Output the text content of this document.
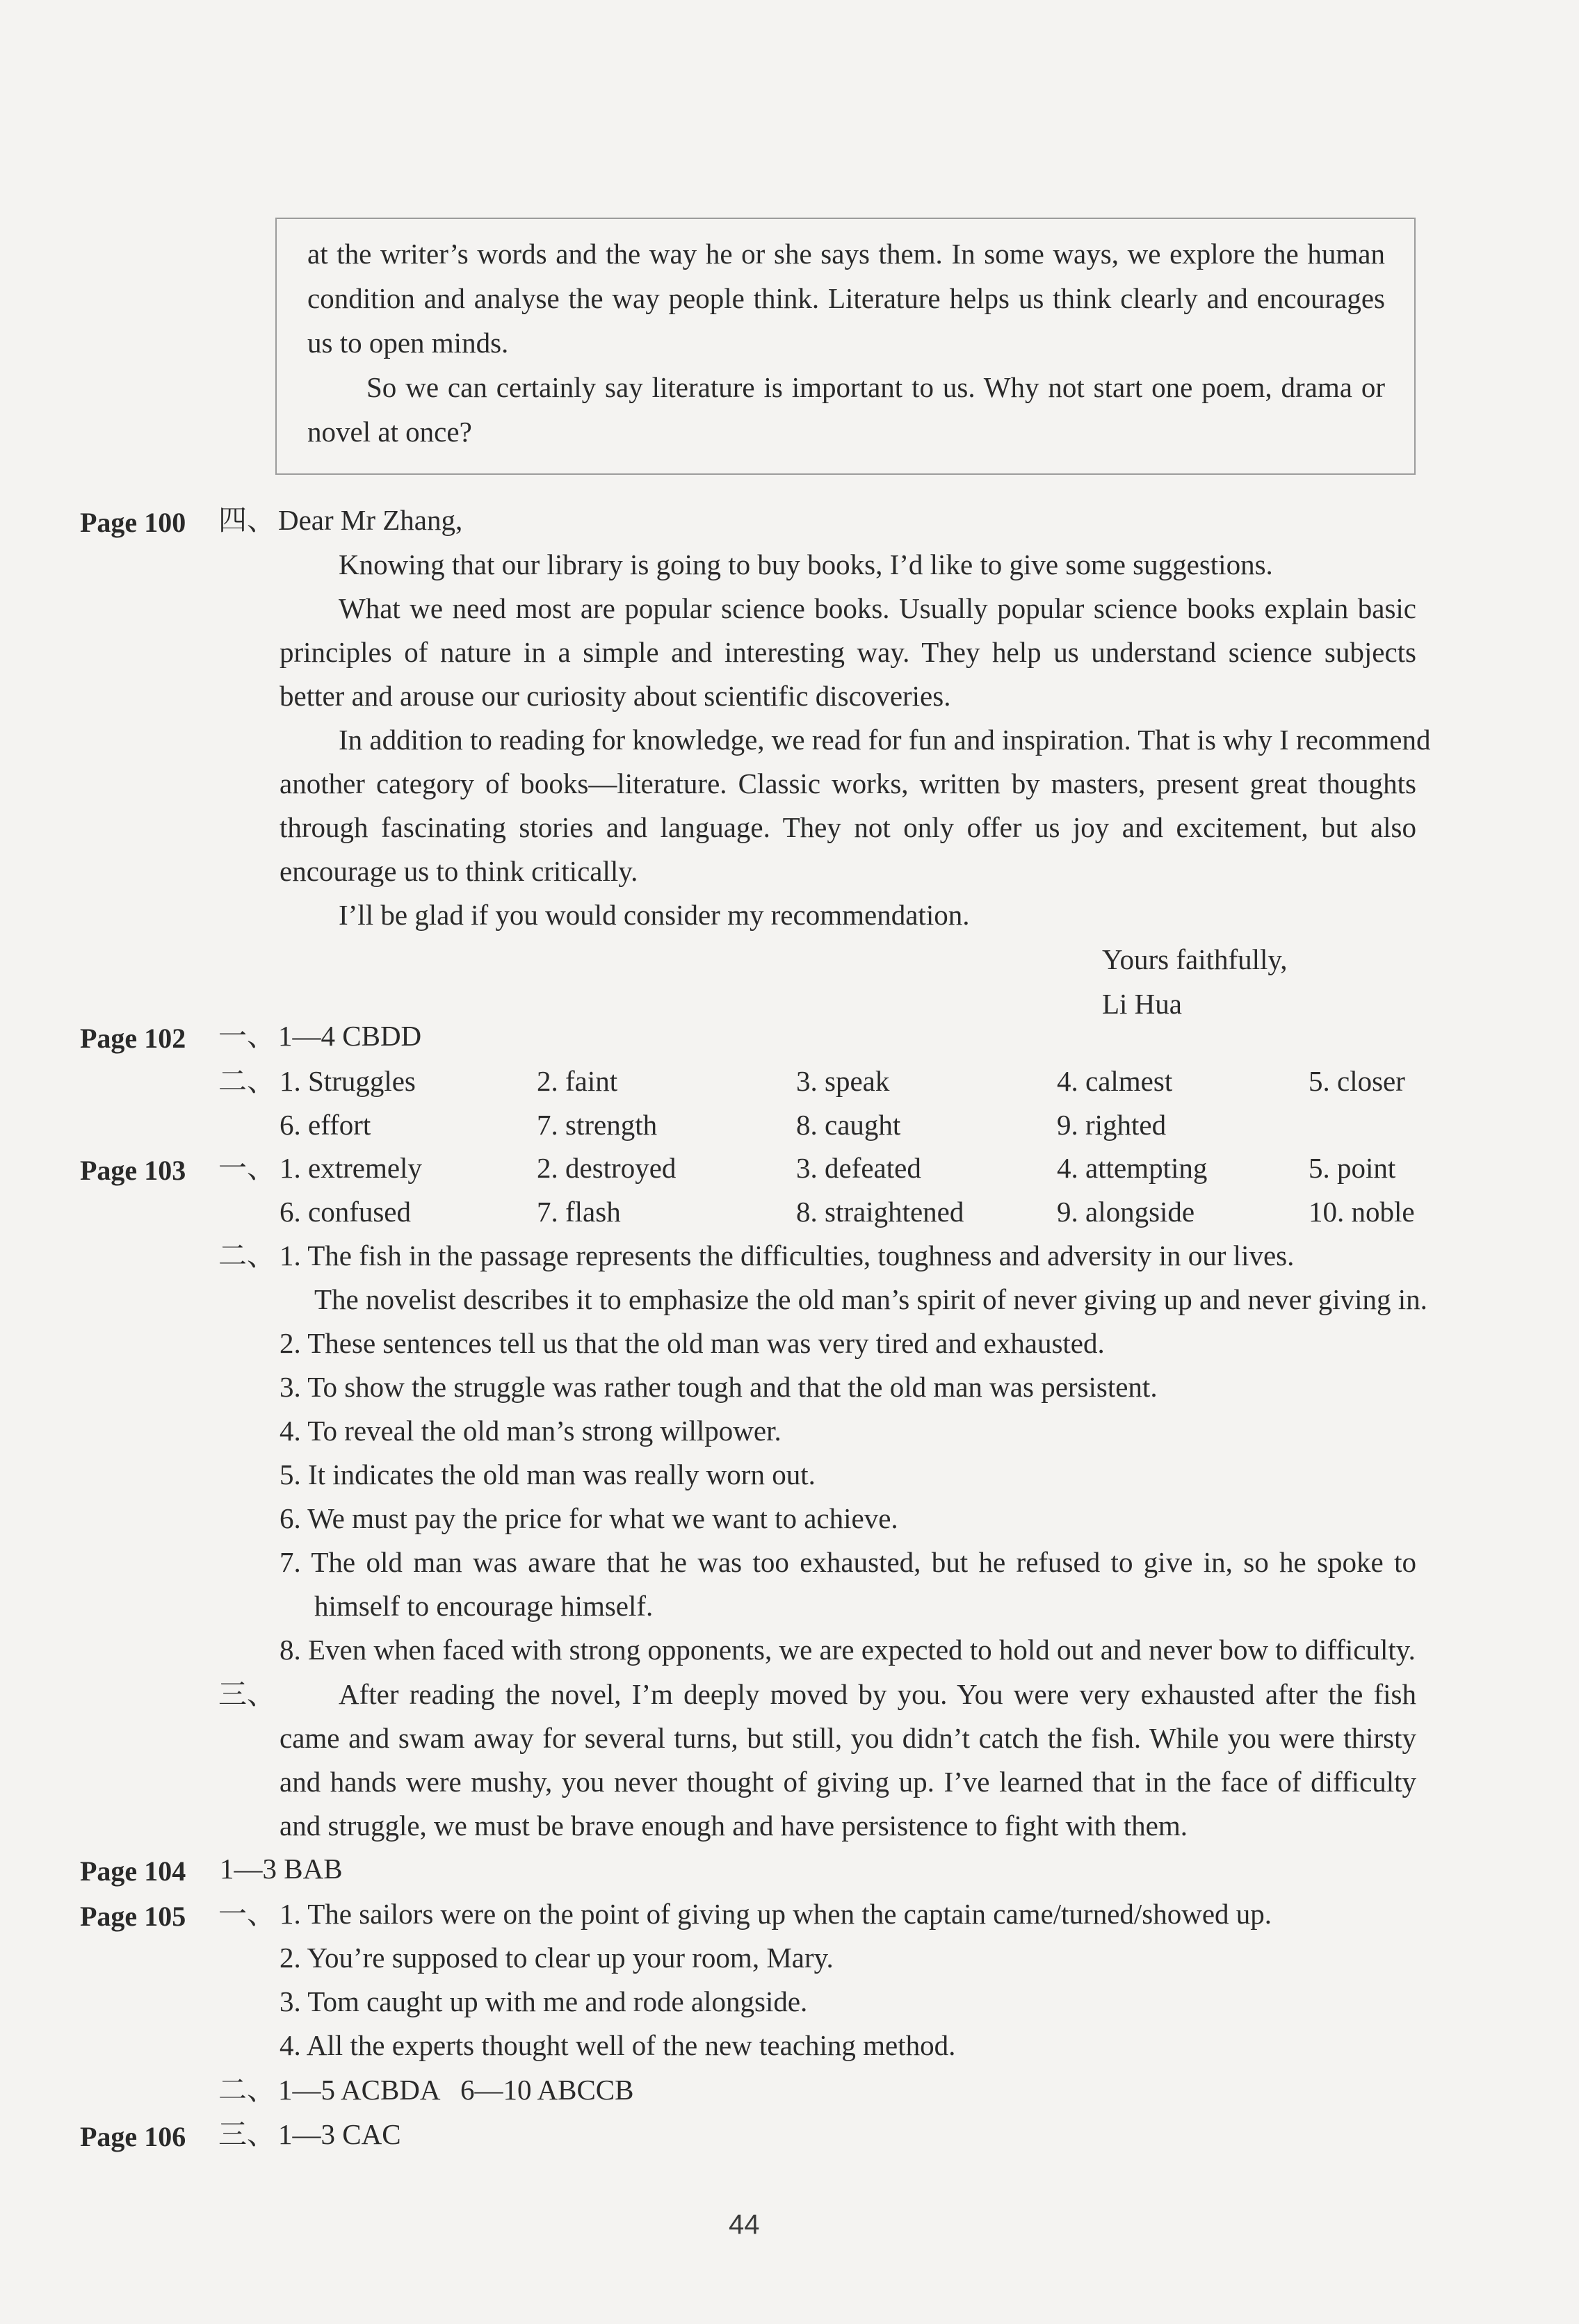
at the writer’s words and the way he or she says them. In some ways, we explore the human
condition and analyse the way people think. Literature helps us think clearly and encourages
us to open minds.
So we can certainly say literature is important to us. Why not start one poem, drama or
novel at once?
Page 100 四、 Dear Mr Zhang,
Knowing that our library is going to buy books, I’d like to give some suggestions.
What we need most are popular science books. Usually popular science books explain basic
principles of nature in a simple and interesting way. They help us understand science subjects
better and arouse our curiosity about scientific discoveries.
In addition to reading for knowledge, we read for fun and inspiration. That is why I recommend
another category of books—literature. Classic works, written by masters, present great thoughts
through fascinating stories and language. They not only offer us joy and excitement, but also
encourage us to think critically.
I’ll be glad if you would consider my recommendation.
Yours faithfully,
Li Hua
Page 102 一、 1—4 CBDD
二、 1. Struggles	2. faint	3. speak	4. calmest	5. closer
6. effort	7. strength	8. caught	9. righted
Page 103 一、 1. extremely	2. destroyed	3. defeated	4. attempting	5. point
6. confused	7. flash	8. straightened	9. alongside	10. noble
二、 1. The fish in the passage represents the difficulties, toughness and adversity in our lives.
The novelist describes it to emphasize the old man’s spirit of never giving up and never giving in.
2. These sentences tell us that the old man was very tired and exhausted.
3. To show the struggle was rather tough and that the old man was persistent.
4. To reveal the old man’s strong willpower.
5. It indicates the old man was really worn out.
6. We must pay the price for what we want to achieve.
7. The old man was aware that he was too exhausted, but he refused to give in, so he spoke to
himself to encourage himself.
8. Even when faced with strong opponents, we are expected to hold out and never bow to difficulty.
三、 After reading the novel, I’m deeply moved by you. You were very exhausted after the fish
came and swam away for several turns, but still, you didn’t catch the fish. While you were thirsty
and hands were mushy, you never thought of giving up. I’ve learned that in the face of difficulty
and struggle, we must be brave enough and have persistence to fight with them.
Page 104 1—3 BAB
Page 105 一、 1. The sailors were on the point of giving up when the captain came/turned/showed up.
2. You’re supposed to clear up your room, Mary.
3. Tom caught up with me and rode alongside.
4. All the experts thought well of the new teaching method.
二、 1—5 ACBDA   6—10 ABCCB
Page 106 三、 1—3 CAC
44
